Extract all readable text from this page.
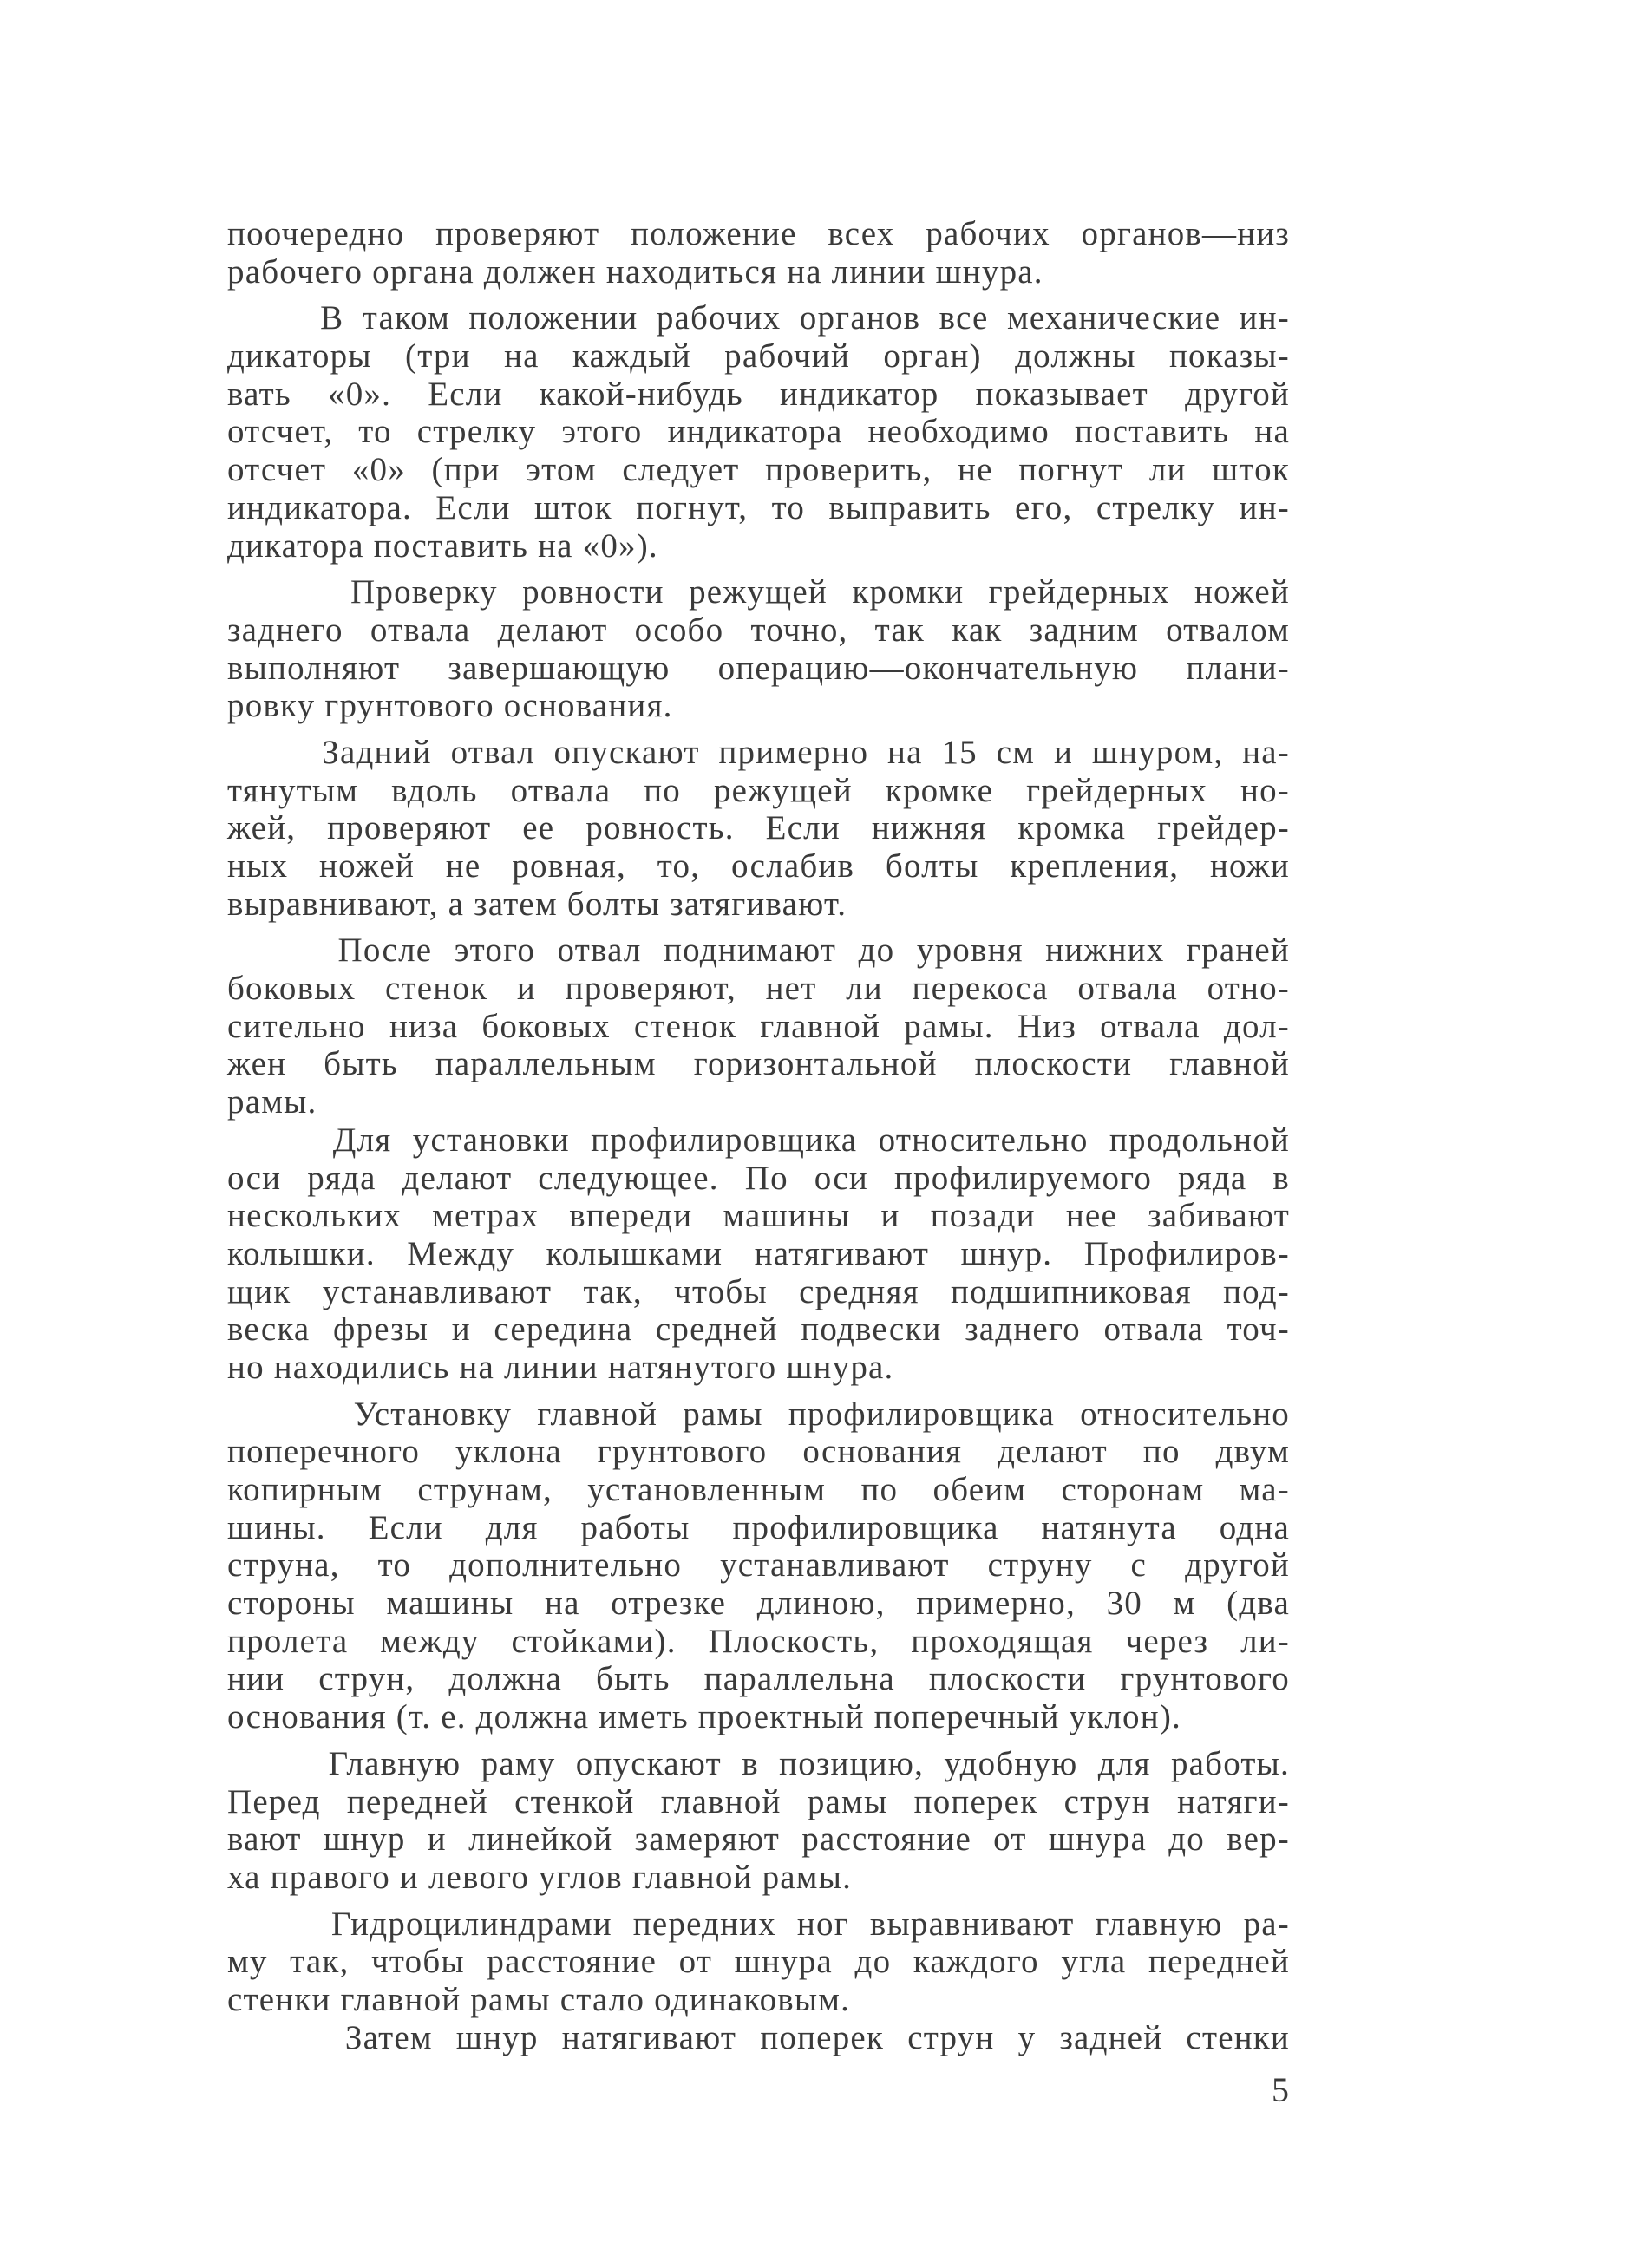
поочередно проверяют положение всех рабочих органов—низ
рабочего органа должен находиться на линии шнура.
В таком положении рабочих органов все механические ин-
дикаторы (три на каждый рабочий орган) должны показы-
вать «0». Если какой-нибудь индикатор показывает другой
отсчет, то стрелку этого индикатора необходимо поставить на
отсчет «0» (при этом следует проверить, не погнут ли шток
индикатора. Если шток погнут, то выправить его, стрелку ин-
дикатора поставить на «0»).
Проверку ровности режущей кромки грейдерных ножей
заднего отвала делают особо точно, так как задним отвалом
выполняют завершающую операцию—окончательную плани-
ровку грунтового основания.
Задний отвал опускают примерно на 15 см и шнуром, на-
тянутым вдоль отвала по режущей кромке грейдерных но-
жей, проверяют ее ровность. Если нижняя кромка грейдер-
ных ножей не ровная, то, ослабив болты крепления, ножи
выравнивают, а затем болты затягивают.
После этого отвал поднимают до уровня нижних граней
боковых стенок и проверяют, нет ли перекоса отвала отно-
сительно низа боковых стенок главной рамы. Низ отвала дол-
жен быть параллельным горизонтальной плоскости главной
рамы.
Для установки профилировщика относительно продольной
оси ряда делают следующее. По оси профилируемого ряда в
нескольких метрах впереди машины и позади нее забивают
колышки. Между колышками натягивают шнур. Профилиров-
щик устанавливают так, чтобы средняя подшипниковая под-
веска фрезы и середина средней подвески заднего отвала точ-
но находились на линии натянутого шнура.
Установку главной рамы профилировщика относительно
поперечного уклона грунтового основания делают по двум
копирным струнам, установленным по обеим сторонам ма-
шины. Если для работы профилировщика натянута одна
струна, то дополнительно устанавливают струну с другой
стороны машины на отрезке длиною, примерно, 30 м (два
пролета между стойками). Плоскость, проходящая через ли-
нии струн, должна быть параллельна плоскости грунтового
основания (т. е. должна иметь проектный поперечный уклон).
Главную раму опускают в позицию, удобную для работы.
Перед передней стенкой главной рамы поперек струн натяги-
вают шнур и линейкой замеряют расстояние от шнура до вер-
ха правого и левого углов главной рамы.
Гидроцилиндрами передних ног выравнивают главную ра-
му так, чтобы расстояние от шнура до каждого угла передней
стенки главной рамы стало одинаковым.
Затем шнур натягивают поперек струн у задней стенки
5
